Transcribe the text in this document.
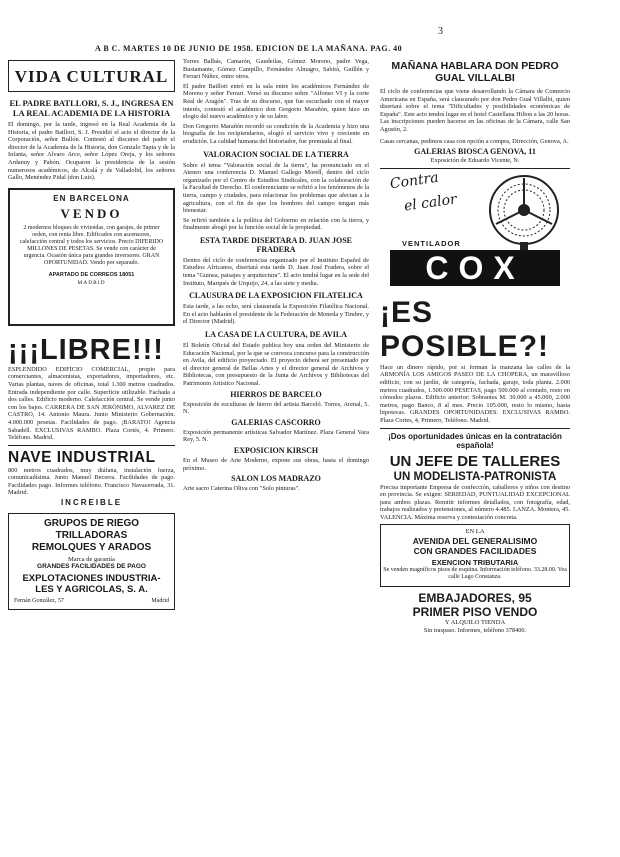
3
A B C. MARTES 10 DE JUNIO DE 1958. EDICION DE LA MAÑANA. PAG. 40
VIDA CULTURAL
EL PADRE BATLLORI, S. J., INGRESA EN LA REAL ACADEMIA DE LA HISTORIA

El domingo, por la tarde, ingresó en la Real Academia de la Historia, el padre Batllori, S. J. Presidió el acto el director de la Corporación, señor Bullón. Contestó al discurso del padre el director de la Academia de la Historia, don Gonzalo Tapia y de la Infanta, señor Alvaro Arce, señor López Oreja, y los señores Ardanuy y Pabón. Ocuparon la presidencia de la sesión numerosos académicos, de Alcalá y de Valladolid, los señores Gallo, Menéndez Pidal (don Luis).

EN BARCELONA
VENDO

2 modernos bloques de viviendas, con garajes, de primer orden, con renta libre. Edificados con ascensores, calefacción central y todos los servicios. Precio DIFERIDO MILLONES DE PESETAS. Se vende con carácter de urgencia. Ocasión única para grandes inversores. GRAN OPORTUNIDAD. Vendo por separado.

APARTADO DE CORREOS 18051
MADRID
¡¡¡LIBRE!!!

ESPLENDIDO EDIFICIO COMERCIAL, propio para comerciantes, almacenistas, exportadores, importadores, etc. Varias plantas, naves de oficinas, total 1.300 metros cuadrados. Entrada independiente por calle. Superficie utilizable. Fachada a dos calles. Edificio moderno. Calefacción central. Se vende junto con los bajos. CARRERA DE SAN JERÓNIMO, ALVAREZ DE CASTRO, 14. Antonio Maura. Junto Ministerio Gobernación. 4.000.000 pesetas. Facilidades de pago. ¡BARATO! Agencia Sabadell. EXCLUSIVAS RAMBO. Plaza Cortés, 4. Primero. Teléfono. Madrid.

NAVE INDUSTRIAL

800 metros cuadrados, muy diáfana, instalación fuerza, comunicadísima. Junto Manuel Becerra. Facilidades de pago. Facilidades pago. Informes teléfono. Francisco Navacerrada, 31. Madrid.

INCREIBLE
GRUPOS DE RIEGO
TRILLADORAS
REMOLQUES Y ARADOS
Marca de garantía
GRANDES FACILIDADES DE PAGO
EXPLOTACIONES INDUSTRIA-
LES Y AGRICOLAS, S. A.
Fernán González, 57	Madrid

Torres Balbás, Camarón, Gaudeilas, Gómez Moreno, padre Vega, Bustamante, Gómez Campillo, Fernández Almagro, Sabirà, Guillén y Ferrari Núñez, entre otros.

El padre Batllori entró en la sala entre los académicos Fernández de Moreno y señor Ferrari. Versó su discurso sobre "Alfonso VI y la corte Real de Aragón". Tras de su discurso, que fue escuchado con el mayor interés, contestó el académico don Gregorio Marañón, quien hizo un elogio del nuevo académico y de su labor.

Don Gregorio Marañón recordó su condición de la Academia y hizo una biografía de los recipiendarios, elogió el servicio vivo y creciente en erudición. La calidad humana del historiador, fue premiada al final.

VALORACION SOCIAL DE LA TIERRA

Sobre el tema "Valoración social de la tierra", ha pronunciado en el Ateneo una conferencia D. Manuel Gallego Morell, dentro del ciclo organizado por el Centro de Estudios Sindicales, con la colaboración de la Facultad de Derecho. El conferenciante se refirió a los fenómenos de la tierra, campo y ciudades, para relacionar los problemas que afectan a la agricultura, con el fin de que los hombres del campo tengan más bienestar.

Se refirió también a la política del Gobierno en relación con la tierra, y finalmente abogó por la función social de la propiedad.

ESTA TARDE DISERTARA D. JUAN JOSE FRADERA

Dentro del ciclo de conferencias organizado por el Instituto Español de Estudios Africanos, disertará esta tarde D. Juan José Fradera, sobre el tema "Guinea, paisajes y arquitectura". El acto tendrá lugar en la sede del Instituto, Marqués de Urquijo, 24, a las siete y media.

CLAUSURA DE LA EXPOSICION FILATELICA

Esta tarde, a las ocho, será clausurada la Exposición Filatélica Nacional. En el acto hablarán el presidente de la Federación de Moneda y Timbre, y el Director (Madrid).

LA CASA DE LA CULTURA, DE AVILA

El Boletín Oficial del Estado publica hoy una orden del Ministerio de Educación Nacional, por la que se convoca concurso para la construcción en Avila, del edificio proyectado. El proyecto deberá ser presentado por el director general de Bellas Artes y el director general de Archivos y Bibliotecas, con presupuesto de la Junta de Archivos y Bibliotecas del Patrimonio Artístico Nacional.

HIERROS DE BARCELO

Exposición de esculturas de hierro del artista Barceló. Torres, Arenal, 5. N.

GALERIAS CASCORRO

Exposición permanente artísticas Salvador Martínez. Plaza General Vara Rey, 5. N.

EXPOSICION KIRSCH

En el Museo de Arte Moderno, expone sus obras, hasta el domingo próximo.

SALON LOS MADRAZO

Arte sacro Caterina Oliva con "Solo pinturas".

MAÑANA HABLARA DON PEDRO GUAL VILLALBI

El ciclo de conferencias que viene desarrollando la Cámara de Comercio Americana en España, será clausurado por don Pedro Gual Villalbi, quien disertará sobre el tema "Dificultades y posibilidades económicas de España". Este acto tendrá lugar en el hotel Castellana Hilton a las 20 horas. Las inscripciones pueden hacerse en las oficinas de la Cámara, calle San Agustín, 2.

Casas cercanas, pedimos casa con opción a compra, Dirección, Genova, A.

GALERIAS BIOSCA GENOVA, 11
Exposición de Eduardo Vicente, N.
Contra
el calor
VENTILADOR
COX
¡ES POSIBLE?!

Hace un dinero rápido, por si forman la manzana las calles de la ARMONÍA LOS AMIGOS PASEO DE LA CHOPERA, un maravilloso edificio, con su jardín, de categoría, fachada, garaje, toda planta. 2.000 metros cuadrados, 1.500.000 PESETAS, pago 500.000 al contado, resto en cómodos plazos. Edificio anterior: Sobrantes M. 30.000 a 45.000, 2.000 metros, pago Banco, 8 al mes. Precio 105.000, resto lo mismo, hasta hipotecas. GRANDES OPORTUNIDADES. EXCLUSIVAS RAMBO. Plaza Cortes, 4, Primero, Teléfono. Madrid.

¡Dos oportunidades únicas en la contratación española!
UN JEFE DE TALLERES
UN MODELISTA-PATRONISTA

Precisa importante Empresa de confección, caballeros y niños con destino en provincia. Se exigen: SERIEDAD, PUNTUALIDAD EXCEPCIONAL para ambos plazas. Remitir informes detallados, con fotografía, edad, trabajos realizados y pretensiones, al número 4.485. LANZA. Montera, 45. VALENCIA. Máxima reserva y contestación concreta.

EN LA
AVENIDA DEL GENERALISIMO
CON GRANDES FACILIDADES
EXENCION TRIBUTARIA

Se venden magníficos pisos de esquina. Información teléfono. 33.28.00. Vea calle Lago Constanza.

EMBAJADORES, 95
PRIMER PISO VENDO
Y ALQUILO TIENDA

Sin traspaso. Informes, teléfono 378400.
